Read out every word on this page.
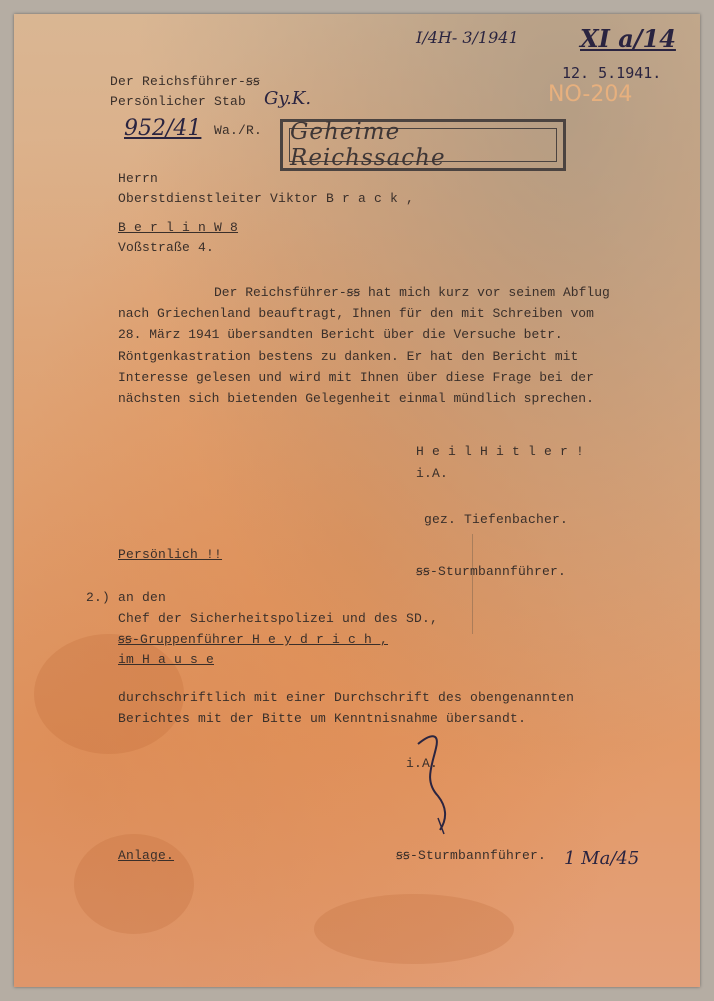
I/4H- 3/1941	XI a/14
12. 5.1941.
NO-204
Der Reichsführer-ꞩꞩ
Persönlicher Stab Gy.K.
952/41 Wa./R. Geheime Reichssache
Herrn
Oberstdienstleiter Viktor B r a c k ,
B e r l i n W 8
Voßstraße 4.
Der Reichsführer-ꞩꞩ hat mich kurz vor seinem Abflug
nach Griechenland beauftragt, Ihnen für den mit Schreiben vom
28. März 1941 übersandten Bericht über die Versuche betr.
Röntgenkastration bestens zu danken. Er hat den Bericht mit
Interesse gelesen und wird mit Ihnen über diese Frage bei der
nächsten sich bietenden Gelegenheit einmal mündlich sprechen.
H e i l H i t l e r !
i.A.
gez. Tiefenbacher.
ꞩꞩ-Sturmbannführer.
Persönlich !!
2.) an den
Chef der Sicherheitspolizei und des SD.,
ꞩꞩ-Gruppenführer H e y d r i c h ,
im H a u s e
durchschriftlich mit einer Durchschrift des obengenannten
Berichtes mit der Bitte um Kenntnisnahme übersandt.
i.A.
Anlage.	ꞩꞩ-Sturmbannführer. 1 Ma/45
